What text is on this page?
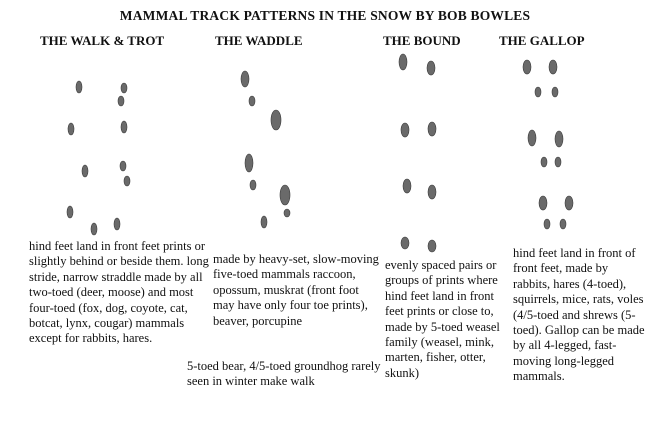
MAMMAL TRACK PATTERNS IN THE SNOW BY BOB BOWLES
THE WALK & TROT	THE WADDLE	THE BOUND	THE GALLOP
hind feet land in front feet prints or slightly behind or beside them. long stride, narrow straddle made by all two-toed (deer, moose) and most four-toed (fox, dog, coyote, cat, botcat, lynx, cougar) mammals except for rabbits, hares.
made by heavy-set, slow-moving five-toed mammals raccoon, opossum, muskrat (front foot may have only four toe prints), beaver, porcupine
5-toed bear, 4/5-toed groundhog rarely seen in winter make walk
evenly spaced pairs or groups of prints where hind feet land in front feet prints or close to, made by 5-toed weasel family (weasel, mink, marten, fisher, otter, skunk)
hind feet land in front of front feet, made by rabbits, hares (4-toed), squirrels, mice, rats, voles (4/5-toed and shrews (5-toed). Gallop can be made by all 4-legged, fast-moving long-legged mammals.
